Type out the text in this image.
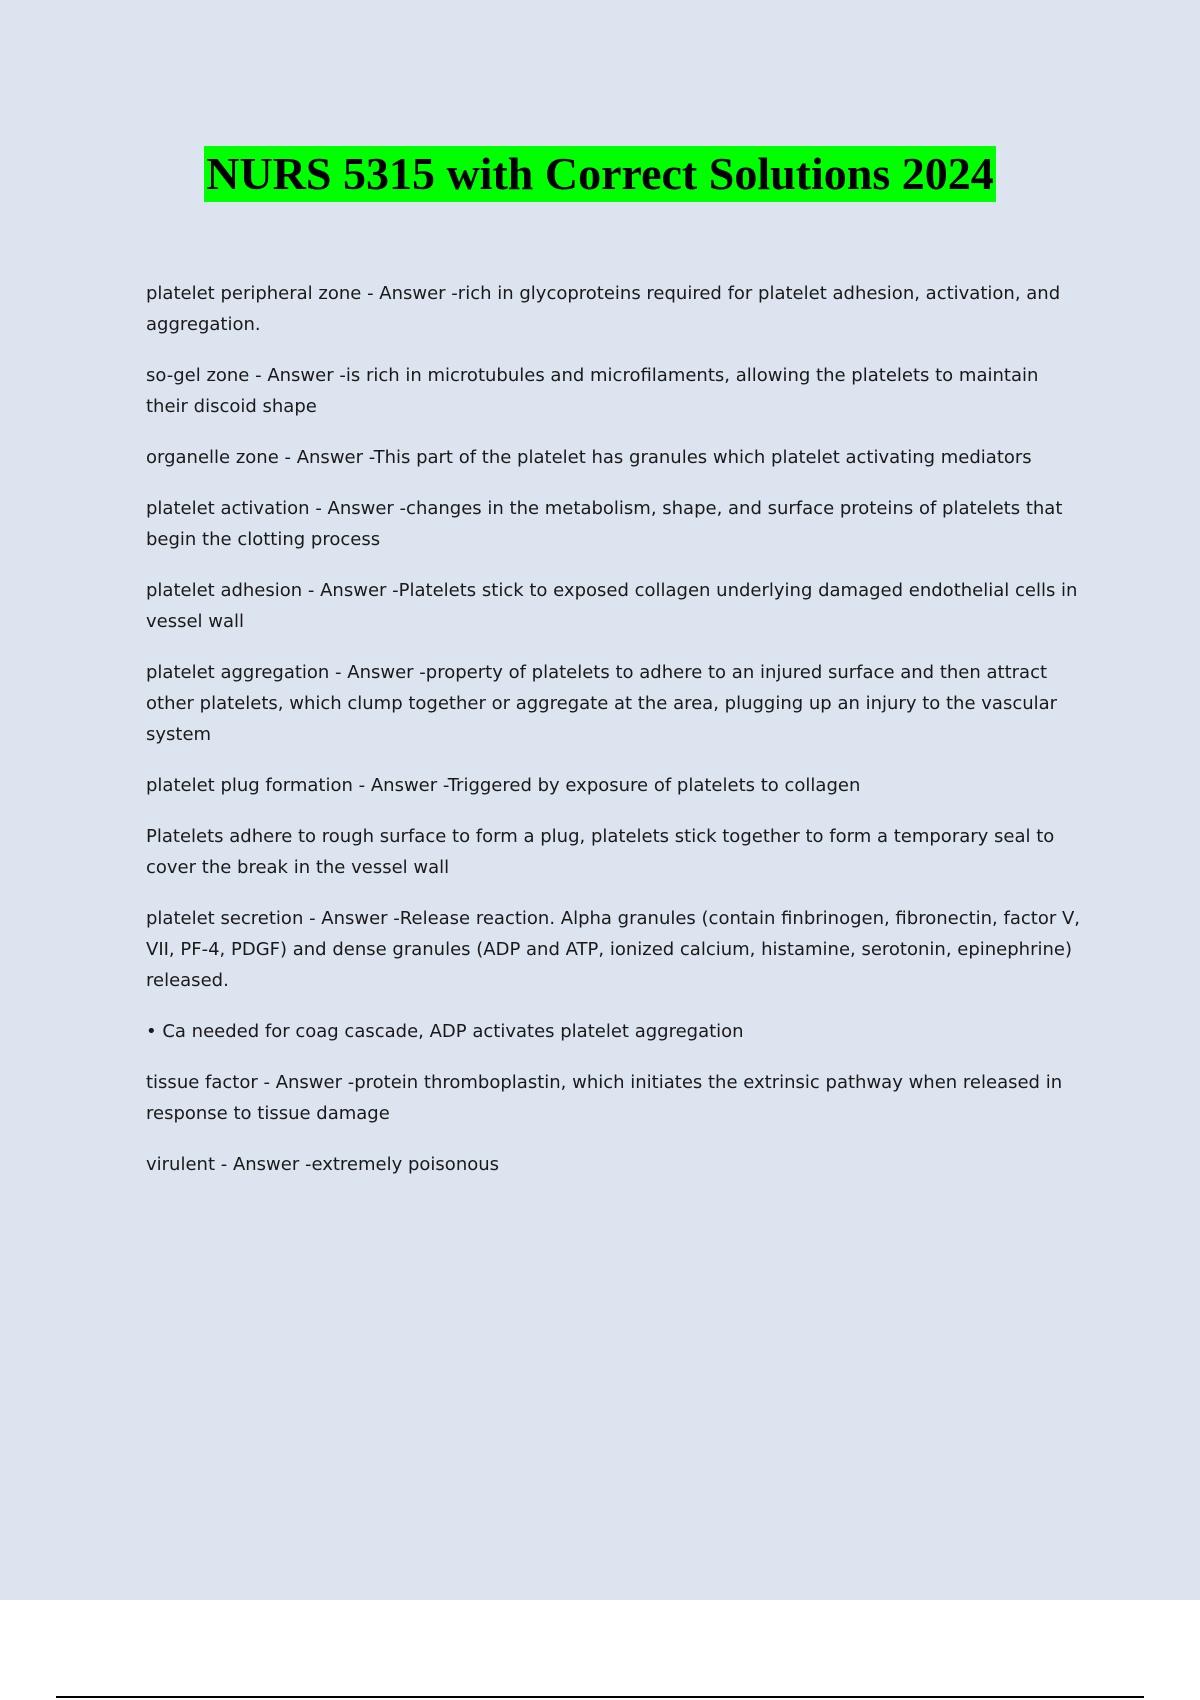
NURS 5315 with Correct Solutions 2024

platelet peripheral zone - Answer -rich in glycoproteins required for platelet adhesion, activation, and aggregation.

so-gel zone - Answer -is rich in microtubules and microfilaments, allowing the platelets to maintain their discoid shape

organelle zone - Answer -This part of the platelet has granules which platelet activating mediators

platelet activation - Answer -changes in the metabolism, shape, and surface proteins of platelets that begin the clotting process

platelet adhesion - Answer -Platelets stick to exposed collagen underlying damaged endothelial cells in vessel wall

platelet aggregation - Answer -property of platelets to adhere to an injured surface and then attract other platelets, which clump together or aggregate at the area, plugging up an injury to the vascular system

platelet plug formation - Answer -Triggered by exposure of platelets to collagen

Platelets adhere to rough surface to form a plug, platelets stick together to form a temporary seal to cover the break in the vessel wall

platelet secretion - Answer -Release reaction. Alpha granules (contain finbrinogen, fibronectin, factor V, VII, PF-4, PDGF) and dense granules (ADP and ATP, ionized calcium, histamine, serotonin, epinephrine) released.

• Ca needed for coag cascade, ADP activates platelet aggregation

tissue factor - Answer -protein thromboplastin, which initiates the extrinsic pathway when released in response to tissue damage

virulent - Answer -extremely poisonous
